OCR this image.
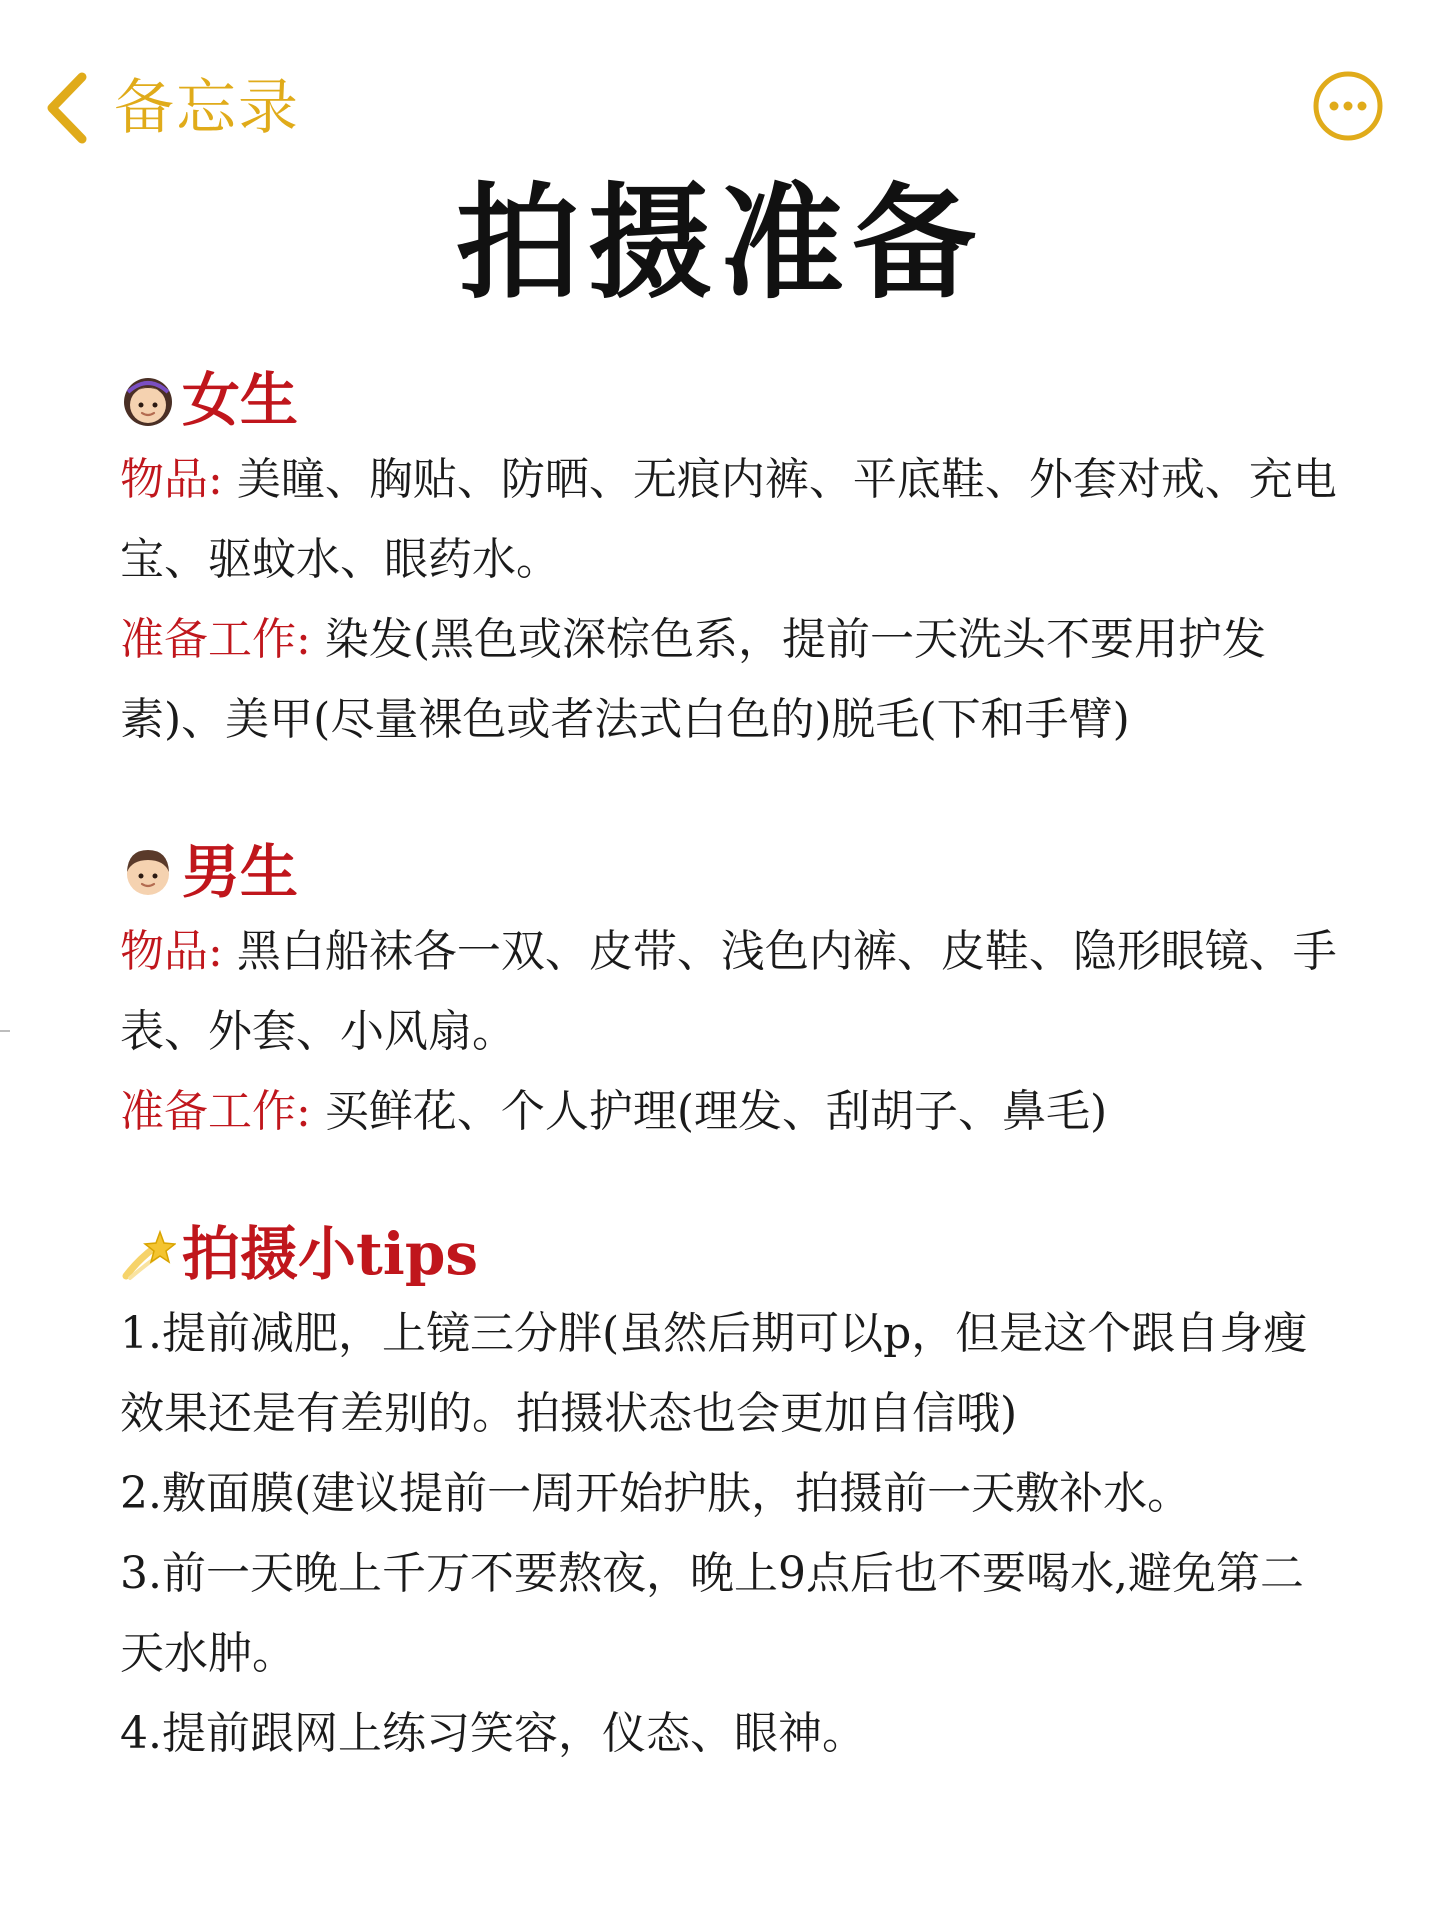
备忘录
拍摄准备
女生

物品: 美瞳、胸贴、防晒、无痕内裤、平底鞋、外套对戒、充电宝、驱蚊水、眼药水。

准备工作: 染发(黑色或深棕色系，提前一天洗头不要用护发素)、美甲(尽量裸色或者法式白色的)脱毛(下和手臂)

男生

物品: 黑白船袜各一双、皮带、浅色内裤、皮鞋、隐形眼镜、手表、外套、小风扇。

准备工作: 买鲜花、个人护理(理发、刮胡子、鼻毛)

拍摄小tips

1.提前减肥，上镜三分胖(虽然后期可以p，但是这个跟自身瘦效果还是有差别的。拍摄状态也会更加自信哦)

2.敷面膜(建议提前一周开始护肤，拍摄前一天敷补水。

3.前一天晚上千万不要熬夜，晚上9点后也不要喝水,避免第二天水肿。

4.提前跟网上练习笑容，仪态、眼神。
